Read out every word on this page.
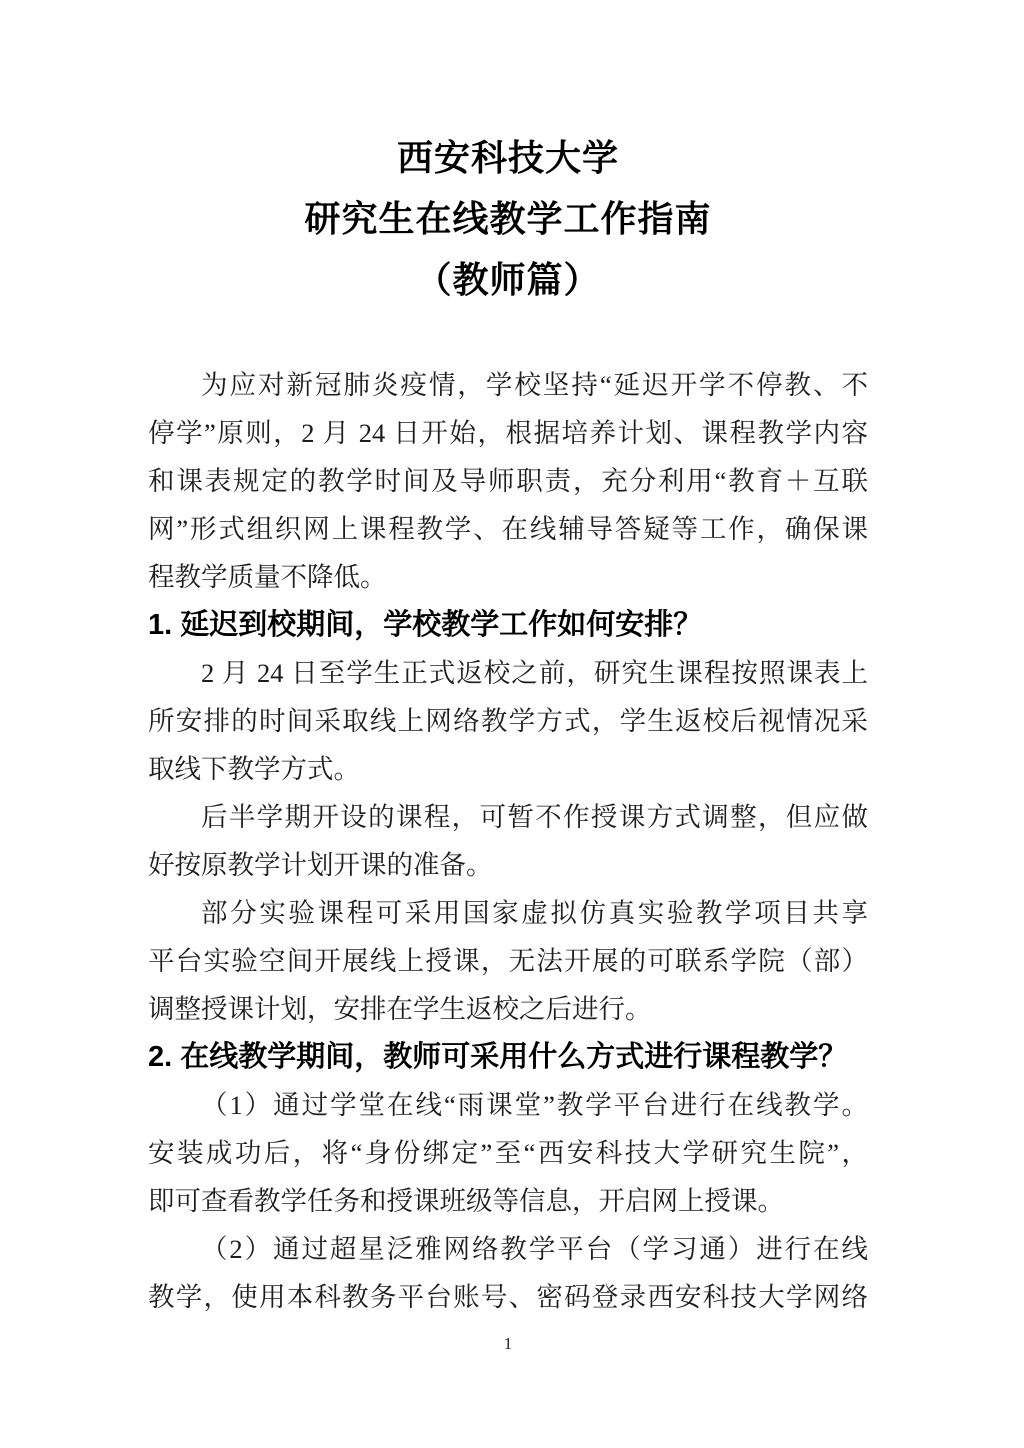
西安科技大学
研究生在线教学工作指南
（教师篇）
为应对新冠肺炎疫情，学校坚持“延迟开学不停教、不
停学”原则，2 月 24 日开始，根据培养计划、课程教学内容
和课表规定的教学时间及导师职责，充分利用“教育＋互联
网”形式组织网上课程教学、在线辅导答疑等工作，确保课
程教学质量不降低。
1. 延迟到校期间，学校教学工作如何安排？
2 月 24 日至学生正式返校之前，研究生课程按照课表上
所安排的时间采取线上网络教学方式，学生返校后视情况采
取线下教学方式。
后半学期开设的课程，可暂不作授课方式调整，但应做
好按原教学计划开课的准备。
部分实验课程可采用国家虚拟仿真实验教学项目共享
平台实验空间开展线上授课，无法开展的可联系学院（部）
调整授课计划，安排在学生返校之后进行。
2. 在线教学期间，教师可采用什么方式进行课程教学？
（1）通过学堂在线“雨课堂”教学平台进行在线教学。
安装成功后，将“身份绑定”至“西安科技大学研究生院”，
即可查看教学任务和授课班级等信息，开启网上授课。
（2）通过超星泛雅网络教学平台（学习通）进行在线
教学，使用本科教务平台账号、密码登录西安科技大学网络
1
